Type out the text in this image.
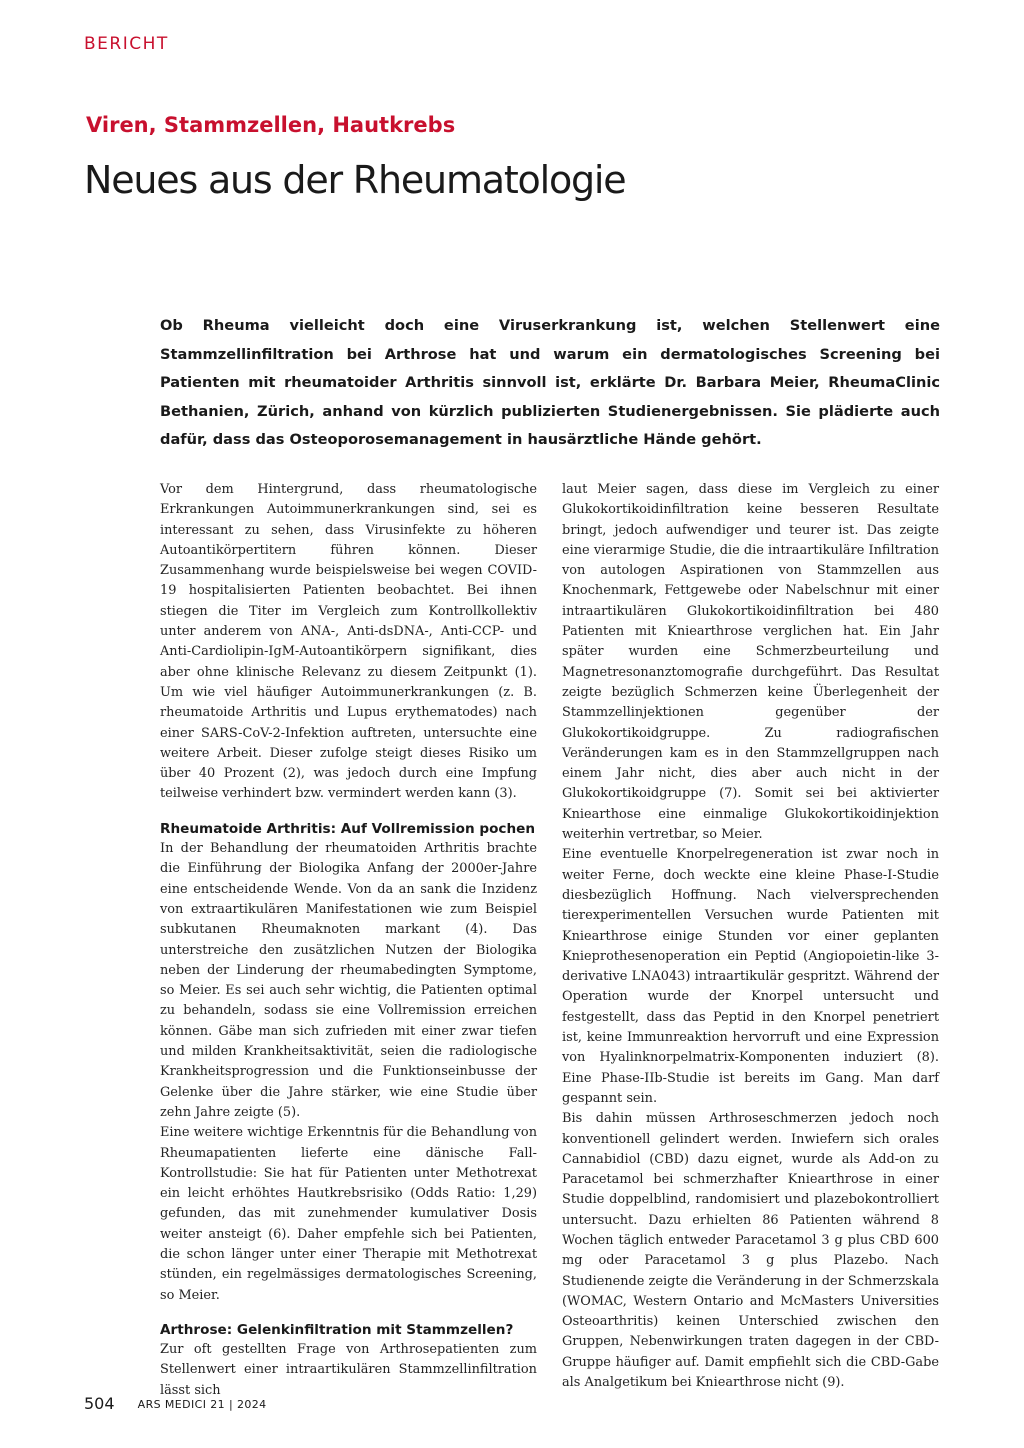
BERICHT
Viren, Stammzellen, Hautkrebs
Neues aus der Rheumatologie
Ob Rheuma vielleicht doch eine Viruserkrankung ist, welchen Stellenwert eine Stammzellinfiltration bei Arthrose hat und warum ein dermatologisches Screening bei Patienten mit rheumatoider Arthritis sinnvoll ist, erklärte Dr. Barbara Meier, RheumaClinic Bethanien, Zürich, anhand von kürzlich publizierten Studienergebnissen. Sie plädierte auch dafür, dass das Osteoporosemanagement in hausärztliche Hände gehört.

Vor dem Hintergrund, dass rheumatologische Erkrankungen Autoimmunerkrankungen sind, sei es interessant zu sehen, dass Virusinfekte zu höheren Autoantikörpertitern führen können. Dieser Zusammenhang wurde beispielsweise bei wegen COVID-19 hospitalisierten Patienten beobachtet. Bei ihnen stiegen die Titer im Vergleich zum Kontrollkollektiv unter anderem von ANA-, Anti-dsDNA-, Anti-CCP- und Anti-Cardiolipin-IgM-Autoantikörpern signifikant, dies aber ohne klinische Relevanz zu diesem Zeitpunkt (1). Um wie viel häufiger Autoimmunerkrankungen (z. B. rheumatoide Arthritis und Lupus erythematodes) nach einer SARS-CoV-2-Infektion auftreten, untersuchte eine weitere Arbeit. Dieser zufolge steigt dieses Risiko um über 40 Prozent (2), was jedoch durch eine Impfung teilweise verhindert bzw. vermindert werden kann (3).

Rheumatoide Arthritis: Auf Vollremission pochen

In der Behandlung der rheumatoiden Arthritis brachte die Einführung der Biologika Anfang der 2000er-Jahre eine entscheidende Wende. Von da an sank die Inzidenz von extraartikulären Manifestationen wie zum Beispiel subkutanen Rheumaknoten markant (4). Das unterstreiche den zusätzlichen Nutzen der Biologika neben der Linderung der rheumabedingten Symptome, so Meier. Es sei auch sehr wichtig, die Patienten optimal zu behandeln, sodass sie eine Vollremission erreichen können. Gäbe man sich zufrieden mit einer zwar tiefen und milden Krankheitsaktivität, seien die radiologische Krankheitsprogression und die Funktionseinbusse der Gelenke über die Jahre stärker, wie eine Studie über zehn Jahre zeigte (5).

Eine weitere wichtige Erkenntnis für die Behandlung von Rheumapatienten lieferte eine dänische Fall-Kontrollstudie: Sie hat für Patienten unter Methotrexat ein leicht erhöhtes Hautkrebsrisiko (Odds Ratio: 1,29) gefunden, das mit zunehmender kumulativer Dosis weiter ansteigt (6). Daher empfehle sich bei Patienten, die schon länger unter einer Therapie mit Methotrexat stünden, ein regelmässiges dermatologisches Screening, so Meier.

Arthrose: Gelenkinfiltration mit Stammzellen?

Zur oft gestellten Frage von Arthrosepatienten zum Stellenwert einer intraartikulären Stammzellinfiltration lässt sich

laut Meier sagen, dass diese im Vergleich zu einer Glukokortikoidinfiltration keine besseren Resultate bringt, jedoch aufwendiger und teurer ist. Das zeigte eine vierarmige Studie, die die intraartikuläre Infiltration von autologen Aspirationen von Stammzellen aus Knochenmark, Fettgewebe oder Nabelschnur mit einer intraartikulären Glukokortikoidinfiltration bei 480 Patienten mit Kniearthrose verglichen hat. Ein Jahr später wurden eine Schmerzbeurteilung und Magnetresonanztomografie durchgeführt. Das Resultat zeigte bezüglich Schmerzen keine Überlegenheit der Stammzellinjektionen gegenüber der Glukokortikoidgruppe. Zu radiografischen Veränderungen kam es in den Stammzellgruppen nach einem Jahr nicht, dies aber auch nicht in der Glukokortikoidgruppe (7). Somit sei bei aktivierter Kniearthose eine einmalige Glukokortikoidinjektion weiterhin vertretbar, so Meier.

Eine eventuelle Knorpelregeneration ist zwar noch in weiter Ferne, doch weckte eine kleine Phase-I-Studie diesbezüglich Hoffnung. Nach vielversprechenden tierexperimentellen Versuchen wurde Patienten mit Kniearthrose einige Stunden vor einer geplanten Knieprothesenoperation ein Peptid (Angiopoietin-like 3-derivative LNA043) intraartikulär gespritzt. Während der Operation wurde der Knorpel untersucht und festgestellt, dass das Peptid in den Knorpel penetriert ist, keine Immunreaktion hervorruft und eine Expression von Hyalinknorpelmatrix-Komponenten induziert (8). Eine Phase-IIb-Studie ist bereits im Gang. Man darf gespannt sein.

Bis dahin müssen Arthroseschmerzen jedoch noch konventionell gelindert werden. Inwiefern sich orales Cannabidiol (CBD) dazu eignet, wurde als Add-on zu Paracetamol bei schmerzhafter Kniearthrose in einer Studie doppelblind, randomisiert und plazebokontrolliert untersucht. Dazu erhielten 86 Patienten während 8 Wochen täglich entweder Paracetamol 3 g plus CBD 600 mg oder Paracetamol 3 g plus Plazebo. Nach Studienende zeigte die Veränderung in der Schmerzskala (WOMAC, Western Ontario and McMasters Universities Osteoarthritis) keinen Unterschied zwischen den Gruppen, Nebenwirkungen traten dagegen in der CBD-Gruppe häufiger auf. Damit empfiehlt sich die CBD-Gabe als Analgetikum bei Kniearthrose nicht (9).

504 ARS MEDICI 21 | 2024
